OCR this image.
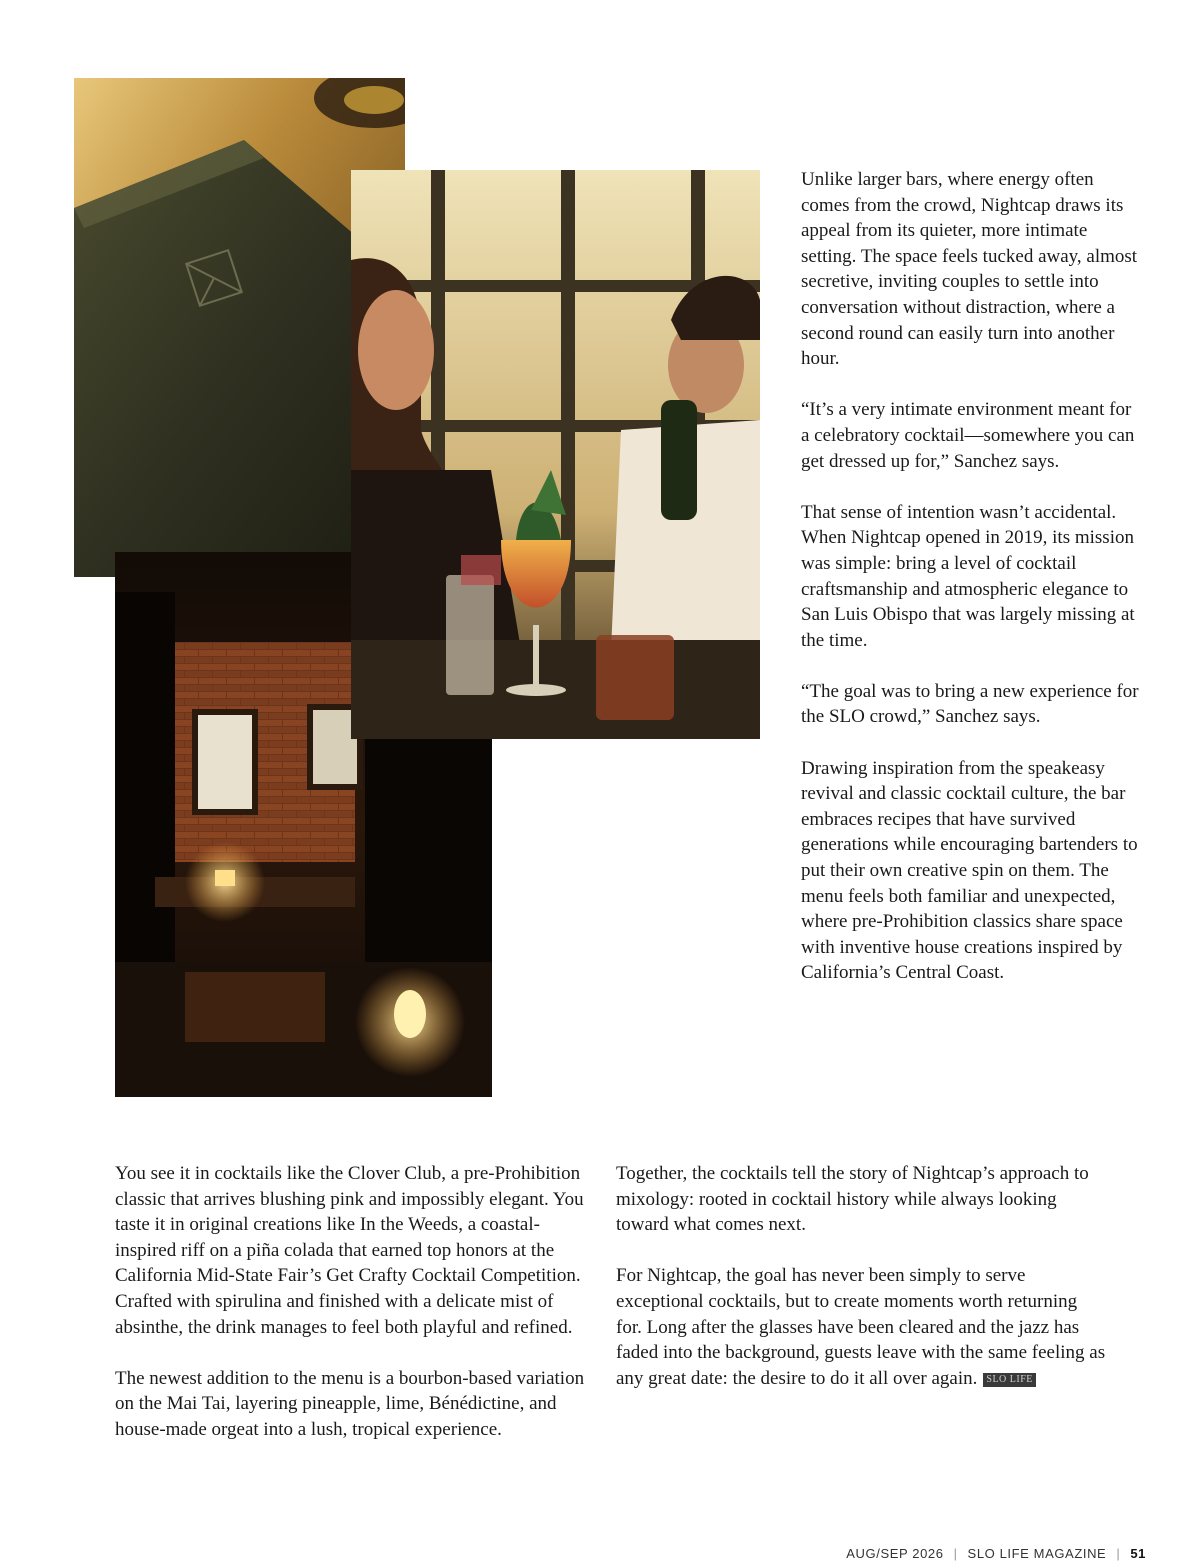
Unlike larger bars, where energy often comes from the crowd, Nightcap draws its appeal from its quieter, more intimate setting. The space feels tucked away, almost secretive, inviting couples to settle into conversation without distraction, where a second round can easily turn into another hour.

“It’s a very intimate environment meant for a celebratory cocktail—somewhere you can get dressed up for,” Sanchez says.

That sense of intention wasn’t accidental. When Nightcap opened in 2019, its mission was simple: bring a level of cocktail craftsmanship and atmospheric elegance to San Luis Obispo that was largely missing at the time.

“The goal was to bring a new experience for the SLO crowd,” Sanchez says.

Drawing inspiration from the speakeasy revival and classic cocktail culture, the bar embraces recipes that have survived generations while encouraging bartenders to put their own creative spin on them. The menu feels both familiar and unexpected, where pre-Prohibition classics share space with inventive house creations inspired by California’s Central Coast.

You see it in cocktails like the Clover Club, a pre-Prohibition classic that arrives blushing pink and impossibly elegant. You taste it in original creations like In the Weeds, a coastal-inspired riff on a piña colada that earned top honors at the California Mid-State Fair’s Get Crafty Cocktail Competition. Crafted with spirulina and finished with a delicate mist of absinthe, the drink manages to feel both playful and refined.

The newest addition to the menu is a bourbon-based variation on the Mai Tai, layering pineapple, lime, Bénédictine, and house-made orgeat into a lush, tropical experience.

Together, the cocktails tell the story of Nightcap’s approach to mixology: rooted in cocktail history while always looking toward what comes next.

For Nightcap, the goal has never been simply to serve exceptional cocktails, but to create moments worth returning for. Long after the glasses have been cleared and the jazz has faded into the background, guests leave with the same feeling as any great date: the desire to do it all over again. SLO LIFE

AUG/SEP 2026 | SLO LIFE MAGAZINE | 51
